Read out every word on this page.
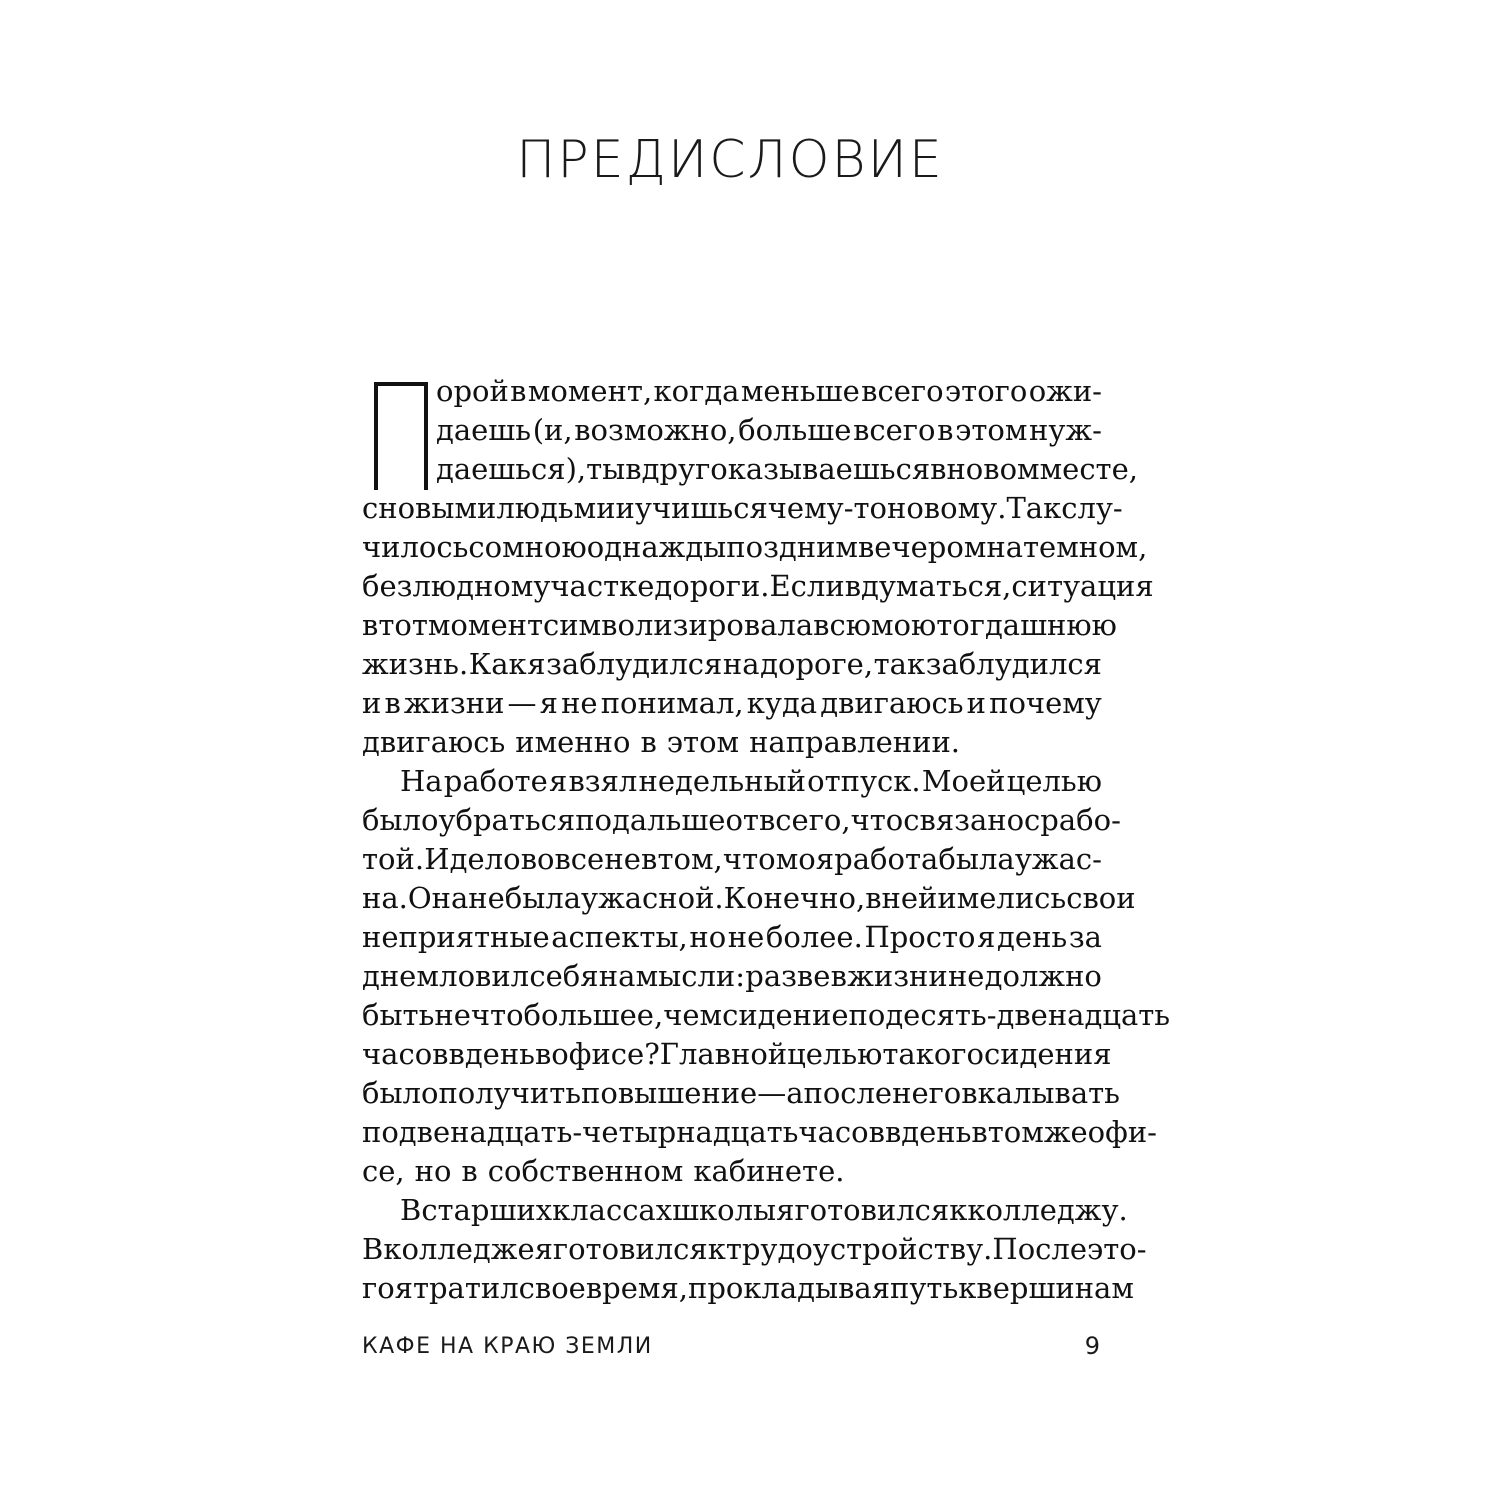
ПРЕДИСЛОВИЕ
орой в момент, когда меньше всего этого ожи-
даешь (и, возможно, больше всего в этом нуж-
даешься), ты вдруг оказываешься в новом месте,
с новыми людьми и учишься чему-то новому. Так слу-
чилось со мною однажды поздним вечером на темном,
безлюдном участке дороги. Если вдуматься, ситуация
в тот момент символизировала всю мою тогдашнюю
жизнь. Как я заблудился на дороге, так заблудился
и в жизни — я не понимал, куда двигаюсь и почему
двигаюсь именно в этом направлении.
На работе я взял недельный отпуск. Моей целью
было убраться подальше от всего, что связано с рабо-
той. И дело вовсе не в том, что моя работа была ужас-
на. Она не была ужасной. Конечно, в ней имелись свои
неприятные аспекты, но не более. Просто я день за
днем ловил себя на мысли: разве в жизни не должно
быть нечто большее, чем сидение по десять-двенадцать
часов в день в офисе? Главной целью такого сидения
было получить повышение — а после него вкалывать
по двенадцать-четырнадцать часов в день в том же офи-
се, но в собственном кабинете.
В старших классах школы я готовился к колледжу.
В колледже я готовился к трудоустройству. После это-
го я тратил свое время, прокладывая путь к вершинам

КАФЕ НА КРАЮ ЗЕМЛИ	9
